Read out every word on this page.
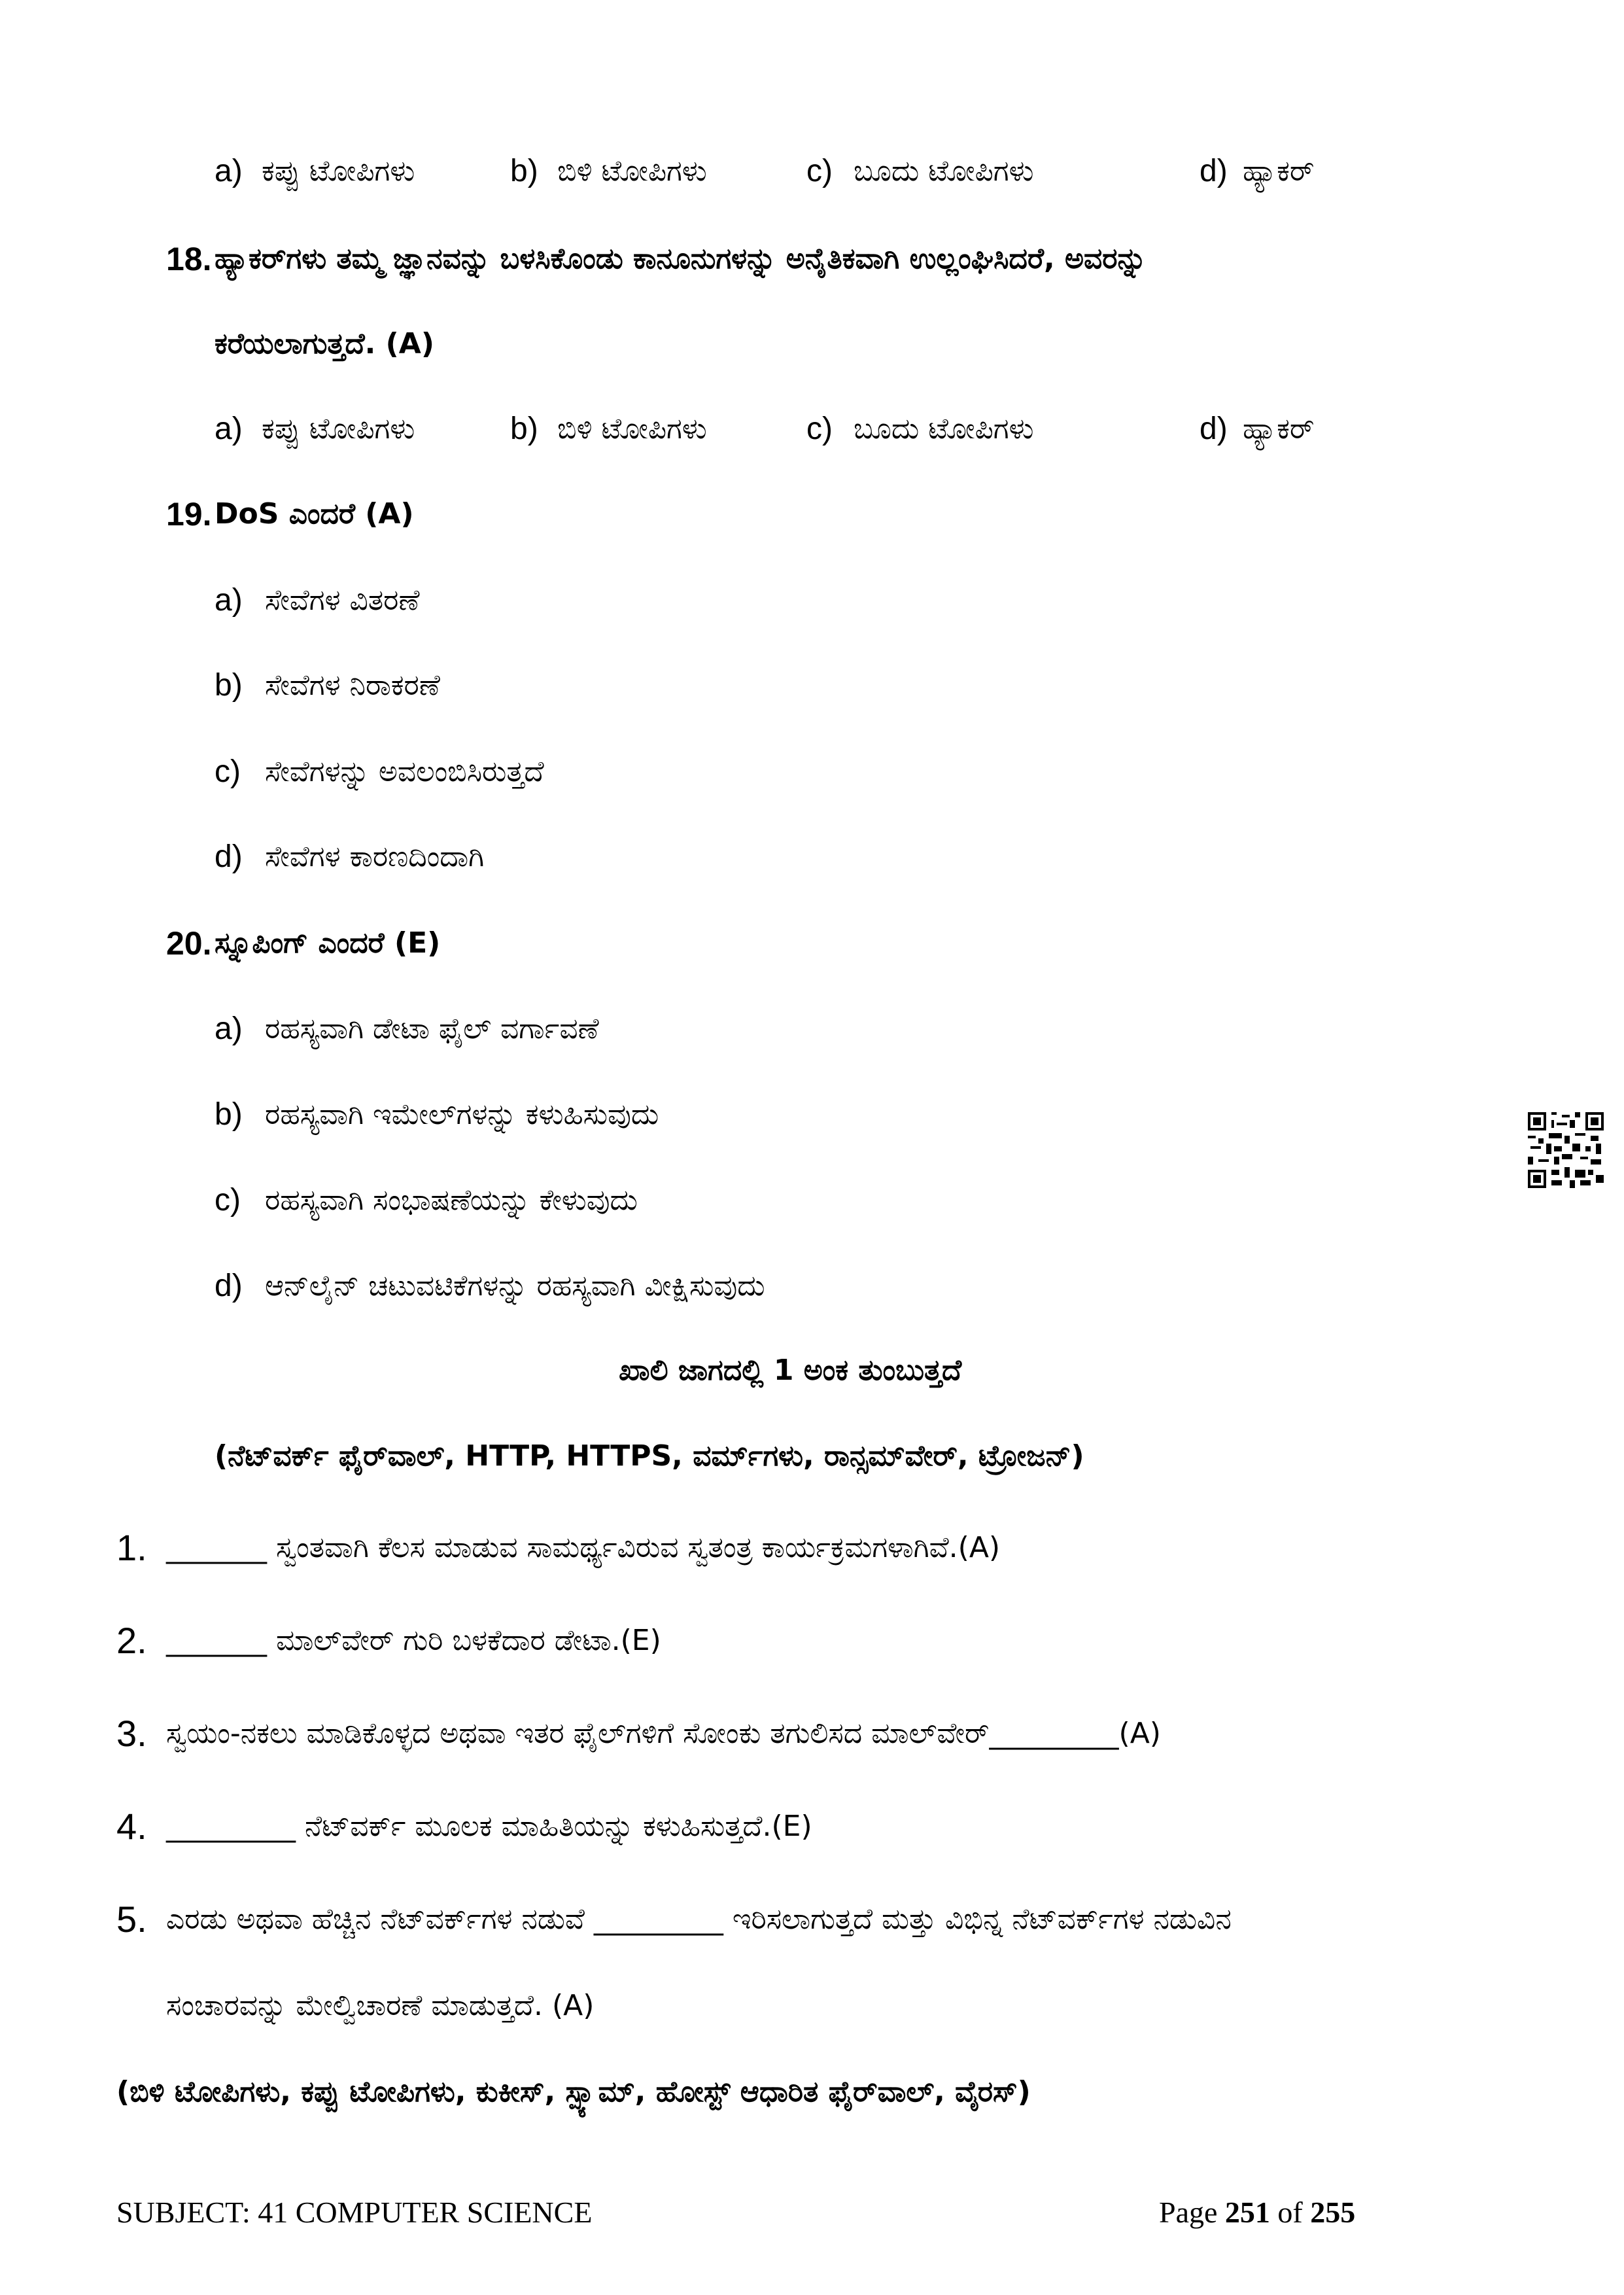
a) ಕಪ್ಪು ಟೋಪಿಗಳು	b) ಬಿಳಿ ಟೋಪಿಗಳು	c) ಬೂದು ಟೋಪಿಗಳು	d) ಹ್ಯಾಕರ್
18. ಹ್ಯಾಕರ್‌ಗಳು ತಮ್ಮ ಜ್ಞಾನವನ್ನು ಬಳಸಿಕೊಂಡು ಕಾನೂನುಗಳನ್ನು ಅನೈತಿಕವಾಗಿ ಉಲ್ಲಂಘಿಸಿದರೆ, ಅವರನ್ನು
ಕರೆಯಲಾಗುತ್ತದೆ. (A)
a) ಕಪ್ಪು ಟೋಪಿಗಳು	b) ಬಿಳಿ ಟೋಪಿಗಳು	c) ಬೂದು ಟೋಪಿಗಳು	d) ಹ್ಯಾಕರ್
19. DoS ಎಂದರೆ (A)
a) ಸೇವೆಗಳ ವಿತರಣೆ
b) ಸೇವೆಗಳ ನಿರಾಕರಣೆ
c) ಸೇವೆಗಳನ್ನು ಅವಲಂಬಿಸಿರುತ್ತದೆ
d) ಸೇವೆಗಳ ಕಾರಣದಿಂದಾಗಿ
20. ಸ್ನೂಪಿಂಗ್ ಎಂದರೆ (E)
a) ರಹಸ್ಯವಾಗಿ ಡೇಟಾ ಫೈಲ್ ವರ್ಗಾವಣೆ
b) ರಹಸ್ಯವಾಗಿ ಇಮೇಲ್‌ಗಳನ್ನು ಕಳುಹಿಸುವುದು
c) ರಹಸ್ಯವಾಗಿ ಸಂಭಾಷಣೆಯನ್ನು ಕೇಳುವುದು
d) ಆನ್‌ಲೈನ್ ಚಟುವಟಿಕೆಗಳನ್ನು ರಹಸ್ಯವಾಗಿ ವೀಕ್ಷಿಸುವುದು
ಖಾಲಿ ಜಾಗದಲ್ಲಿ 1 ಅಂಕ ತುಂಬುತ್ತದೆ
(ನೆಟ್‌ವರ್ಕ್ ಫೈರ್‌ವಾಲ್, HTTP, HTTPS, ವರ್ಮ್‌ಗಳು, ರಾನ್ಸಮ್‌ವೇರ್, ಟ್ರೋಜನ್)
1. _______ ಸ್ವಂತವಾಗಿ ಕೆಲಸ ಮಾಡುವ ಸಾಮರ್ಥ್ಯವಿರುವ ಸ್ವತಂತ್ರ ಕಾರ್ಯಕ್ರಮಗಳಾಗಿವೆ.(A)
2. _______ ಮಾಲ್‌ವೇರ್ ಗುರಿ ಬಳಕೆದಾರ ಡೇಟಾ.(E)
3. ಸ್ವಯಂ-ನಕಲು ಮಾಡಿಕೊಳ್ಳದ ಅಥವಾ ಇತರ ಫೈಲ್‌ಗಳಿಗೆ ಸೋಂಕು ತಗುಲಿಸದ ಮಾಲ್‌ವೇರ್_________(A)
4. _________ ನೆಟ್‌ವರ್ಕ್ ಮೂಲಕ ಮಾಹಿತಿಯನ್ನು ಕಳುಹಿಸುತ್ತದೆ.(E)
5. ಎರಡು ಅಥವಾ ಹೆಚ್ಚಿನ ನೆಟ್‌ವರ್ಕ್‌ಗಳ ನಡುವೆ _________ ಇರಿಸಲಾಗುತ್ತದೆ ಮತ್ತು ವಿಭಿನ್ನ ನೆಟ್‌ವರ್ಕ್‌ಗಳ ನಡುವಿನ
ಸಂಚಾರವನ್ನು ಮೇಲ್ವಿಚಾರಣೆ ಮಾಡುತ್ತದೆ. (A)
(ಬಿಳಿ ಟೋಪಿಗಳು, ಕಪ್ಪು ಟೋಪಿಗಳು, ಕುಕೀಸ್, ಸ್ಪ್ಯಾಮ್, ಹೋಸ್ಟ್ ಆಧಾರಿತ ಫೈರ್‌ವಾಲ್, ವೈರಸ್)
SUBJECT: 41 COMPUTER SCIENCE	Page 251 of 255
